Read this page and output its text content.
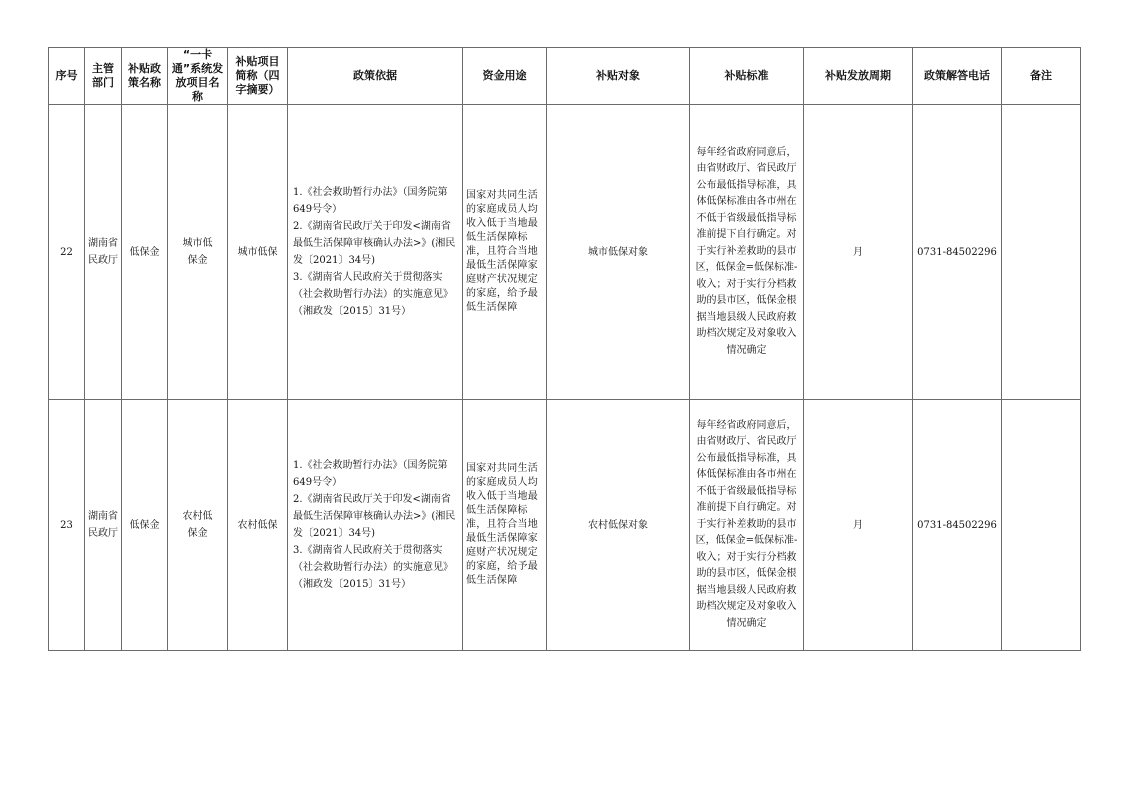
序号	主管部门	补贴政策名称	“一卡通”系统发放项目名称	补贴项目简称（四字摘要）	政策依据	资金用途	补贴对象	补贴标准	补贴发放周期	政策解答电话	备注
22	湖南省民政厅	低保金	城市低保金	城市低保	1.《社会救助暂行办法》（国务院第649号令）
2.《湖南省民政厅关于印发<湖南省最低生活保障审核确认办法>》(湘民发〔2021〕34号)
3.《湖南省人民政府关于贯彻落实（社会救助暂行办法）的实施意见》（湘政发〔2015〕31号）	国家对共同生活的家庭成员人均收入低于当地最低生活保障标准，且符合当地最低生活保障家庭财产状况规定的家庭，给予最低生活保障	城市低保对象	每年经省政府同意后，由省财政厅、省民政厅公布最低指导标准，具体低保标准由各市州在不低于省级最低指导标准前提下自行确定。对于实行补差救助的县市区，低保金=低保标准-收入；对于实行分档救助的县市区，低保金根据当地县级人民政府救助档次规定及对象收入情况确定	月	0731-84502296	
23	湖南省民政厅	低保金	农村低保金	农村低保	1.《社会救助暂行办法》（国务院第649号令）
2.《湖南省民政厅关于印发<湖南省最低生活保障审核确认办法>》(湘民发〔2021〕34号)
3.《湖南省人民政府关于贯彻落实（社会救助暂行办法）的实施意见》（湘政发〔2015〕31号）	国家对共同生活的家庭成员人均收入低于当地最低生活保障标准，且符合当地最低生活保障家庭财产状况规定的家庭，给予最低生活保障	农村低保对象	每年经省政府同意后，由省财政厅、省民政厅公布最低指导标准，具体低保标准由各市州在不低于省级最低指导标准前提下自行确定。对于实行补差救助的县市区，低保金=低保标准-收入；对于实行分档救助的县市区，低保金根据当地县级人民政府救助档次规定及对象收入情况确定	月	0731-84502296	
